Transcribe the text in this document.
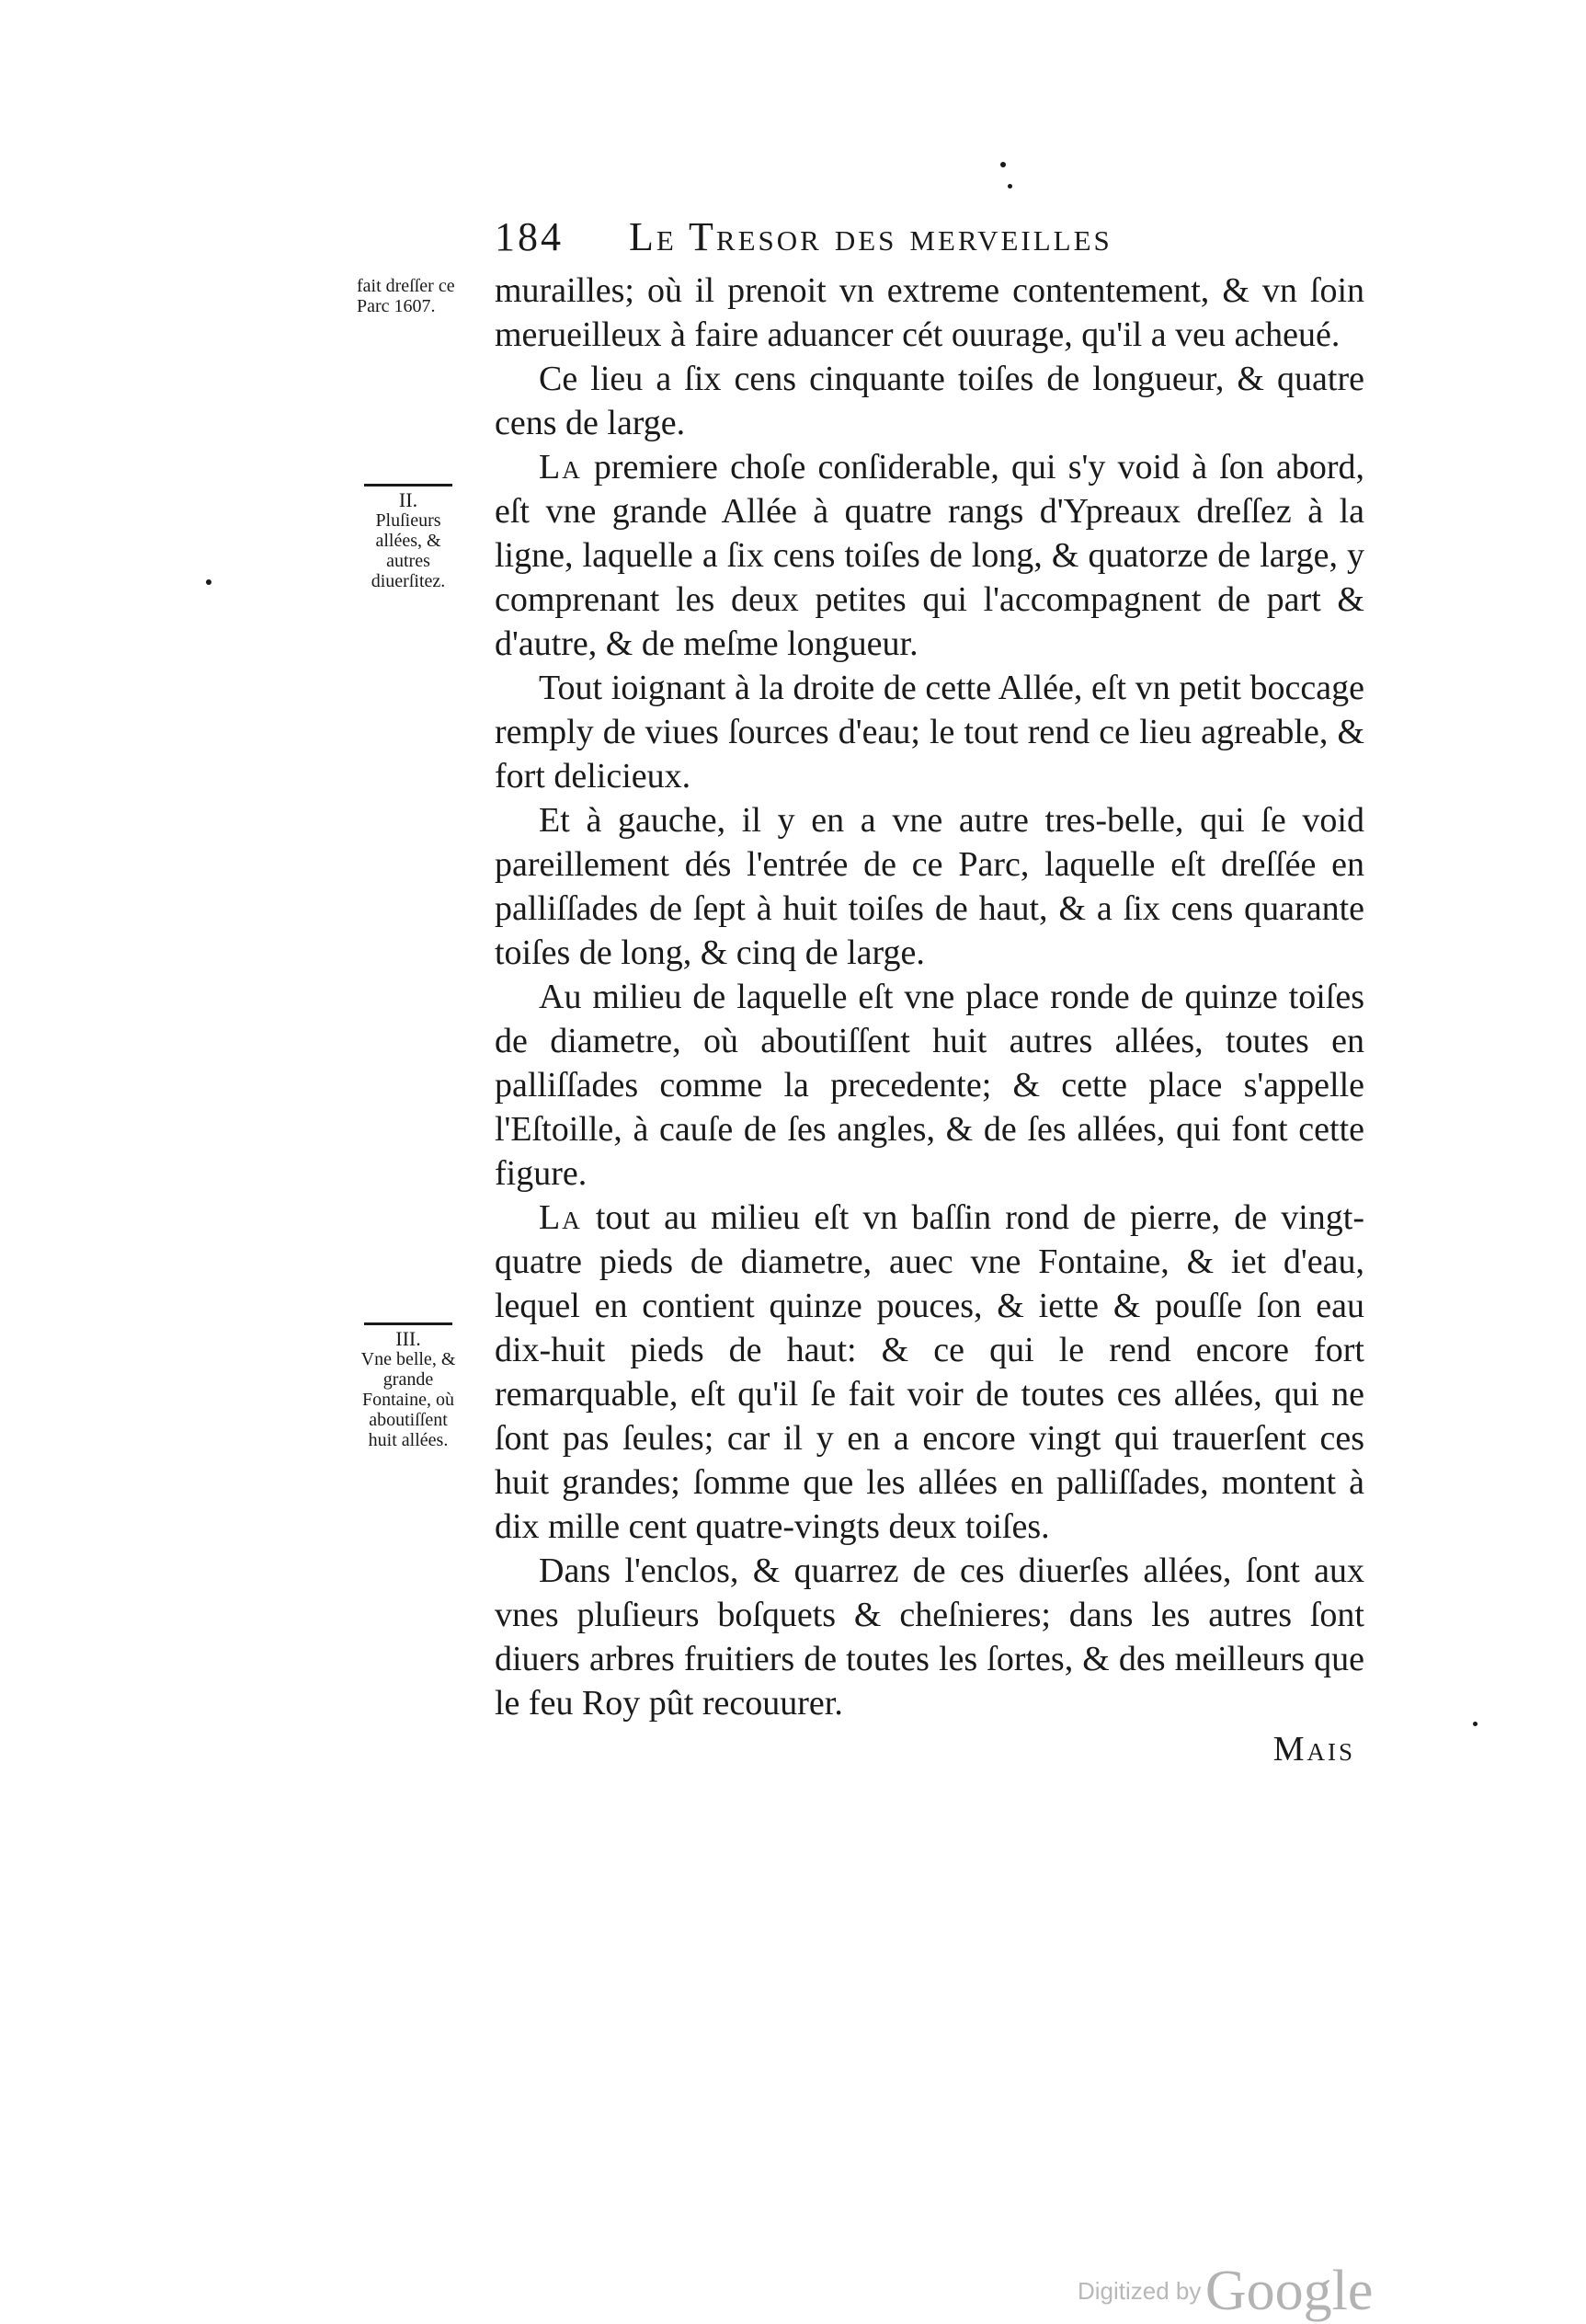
184 Le Tresor des merveilles
fait dreſſer ce Parc 1607.
II.
Pluſieurs allées, & autres diuerſitez.
III.
Vne belle, & grande Fontaine, où aboutiſſent huit allées.

murailles; où il prenoit vn extreme contentement, & vn ſoin merueilleux à faire aduancer cét ouurage, qu'il a veu acheué.

Ce lieu a ſix cens cinquante toiſes de longueur, & quatre cens de large.

La premiere choſe conſiderable, qui s'y void à ſon abord, eſt vne grande Allée à quatre rangs d'Ypreaux dreſſez à la ligne, laquelle a ſix cens toiſes de long, & quatorze de large, y comprenant les deux petites qui l'accompagnent de part & d'autre, & de meſme longueur.

Tout ioignant à la droite de cette Allée, eſt vn petit boccage remply de viues ſources d'eau; le tout rend ce lieu agreable, & fort delicieux.

Et à gauche, il y en a vne autre tres-belle, qui ſe void pareillement dés l'entrée de ce Parc, laquelle eſt dreſſée en palliſſades de ſept à huit toiſes de haut, & a ſix cens quarante toiſes de long, & cinq de large.

Au milieu de laquelle eſt vne place ronde de quinze toiſes de diametre, où aboutiſſent huit autres allées, toutes en palliſſades comme la precedente; & cette place s'appelle l'Eſtoille, à cauſe de ſes angles, & de ſes allées, qui font cette figure.

La tout au milieu eſt vn baſſin rond de pierre, de vingt-quatre pieds de diametre, auec vne Fontaine, & iet d'eau, lequel en contient quinze pouces, & iette & pouſſe ſon eau dix-huit pieds de haut: & ce qui le rend encore fort remarquable, eſt qu'il ſe fait voir de toutes ces allées, qui ne ſont pas ſeules; car il y en a encore vingt qui trauerſent ces huit grandes; ſomme que les allées en palliſſades, montent à dix mille cent quatre-vingts deux toiſes.

Dans l'enclos, & quarrez de ces diuerſes allées, ſont aux vnes pluſieurs boſquets & cheſnieres; dans les autres ſont diuers arbres fruitiers de toutes les ſortes, & des meilleurs que le feu Roy pût recouurer.

Mais

Digitized by Google
